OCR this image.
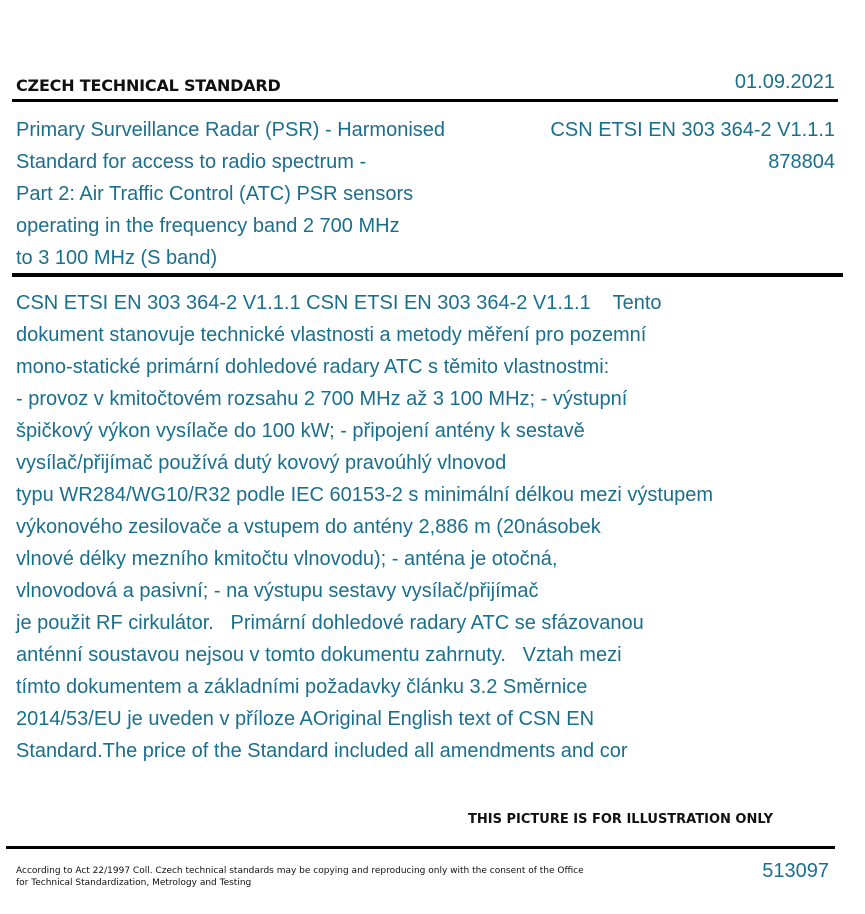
CZECH TECHNICAL STANDARD	01.09.2021
Primary Surveillance Radar (PSR) - Harmonised
Standard for access to radio spectrum -
Part 2: Air Traffic Control (ATC) PSR sensors
operating in the frequency band 2 700 MHz
to 3 100 MHz (S band)
CSN ETSI EN 303 364-2 V1.1.1
878804
CSN ETSI EN 303 364-2 V1.1.1 CSN ETSI EN 303 364-2 V1.1.1    Tento
dokument stanovuje technické vlastnosti a metody měření pro pozemní
mono-statické primární dohledové radary ATC s těmito vlastnostmi:
- provoz v kmitočtovém rozsahu 2 700 MHz až 3 100 MHz; - výstupní
špičkový výkon vysílače do 100 kW; - připojení antény k sestavě
vysílač/přijímač používá dutý kovový pravoúhlý vlnovod
typu WR284/WG10/R32 podle IEC 60153-2 s minimální délkou mezi výstupem
výkonového zesilovače a vstupem do antény 2,886 m (20násobek
vlnové délky mezního kmitočtu vlnovodu); - anténa je otočná,
vlnovodová a pasivní; - na výstupu sestavy vysílač/přijímač
je použit RF cirkulátor.   Primární dohledové radary ATC se sfázovanou
anténní soustavou nejsou v tomto dokumentu zahrnuty.   Vztah mezi
tímto dokumentem a základními požadavky článku 3.2 Směrnice
2014/53/EU je uveden v příloze AOriginal English text of CSN EN
Standard.The price of the Standard included all amendments and cor
THIS PICTURE IS FOR ILLUSTRATION ONLY
According to Act 22/1997 Coll. Czech technical standards may be copying and reproducing only with the consent of the Office
for Technical Standardization, Metrology and Testing
513097
